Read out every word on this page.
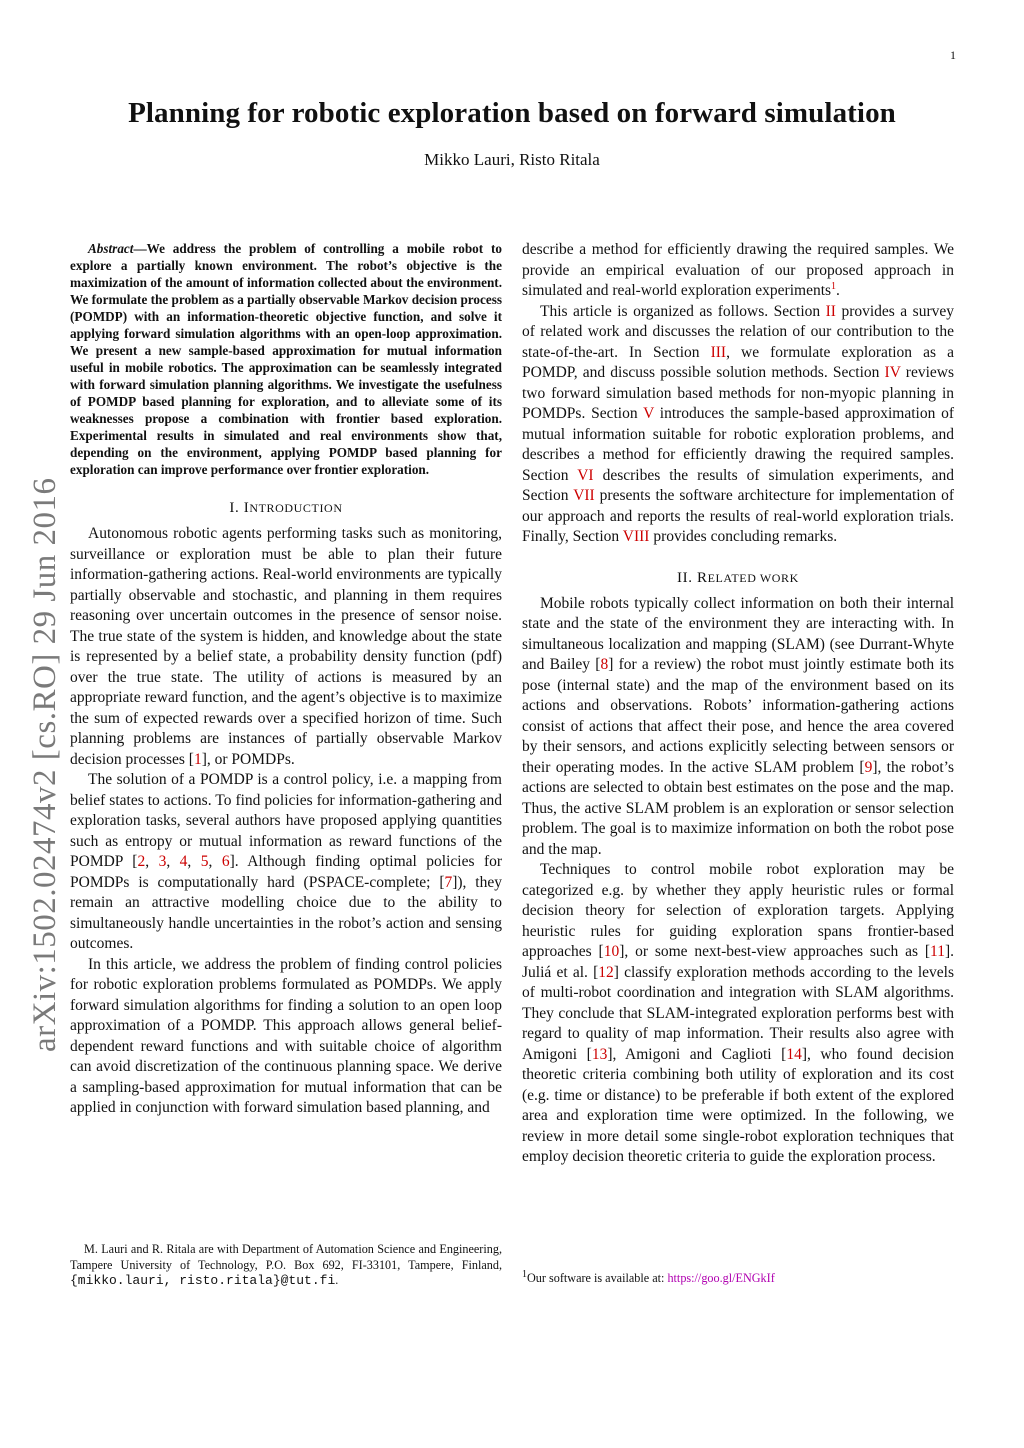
1
Planning for robotic exploration based on forward simulation
Mikko Lauri, Risto Ritala
arXiv:1502.02474v2 [cs.RO] 29 Jun 2016

Abstract—We address the problem of controlling a mobile robot to explore a partially known environment. The robot’s objective is the maximization of the amount of information collected about the environment. We formulate the problem as a partially observable Markov decision process (POMDP) with an information-theoretic objective function, and solve it applying forward simulation algorithms with an open-loop approximation. We present a new sample-based approximation for mutual information useful in mobile robotics. The approximation can be seamlessly integrated with forward simulation planning algorithms. We investigate the usefulness of POMDP based planning for exploration, and to alleviate some of its weaknesses propose a combination with frontier based exploration. Experimental results in simulated and real environments show that, depending on the environment, applying POMDP based planning for exploration can improve performance over frontier exploration.

I. INTRODUCTION

Autonomous robotic agents performing tasks such as monitoring, surveillance or exploration must be able to plan their future information-gathering actions. Real-world environments are typically partially observable and stochastic, and planning in them requires reasoning over uncertain outcomes in the presence of sensor noise. The true state of the system is hidden, and knowledge about the state is represented by a belief state, a probability density function (pdf) over the true state. The utility of actions is measured by an appropriate reward function, and the agent’s objective is to maximize the sum of expected rewards over a specified horizon of time. Such planning problems are instances of partially observable Markov decision processes [1], or POMDPs.

The solution of a POMDP is a control policy, i.e. a mapping from belief states to actions. To find policies for information-gathering and exploration tasks, several authors have proposed applying quantities such as entropy or mutual information as reward functions of the POMDP [2, 3, 4, 5, 6]. Although finding optimal policies for POMDPs is computationally hard (PSPACE-complete; [7]), they remain an attractive modelling choice due to the ability to simultaneously handle uncertainties in the robot’s action and sensing outcomes.

In this article, we address the problem of finding control policies for robotic exploration problems formulated as POMDPs. We apply forward simulation algorithms for finding a solution to an open loop approximation of a POMDP. This approach allows general belief-dependent reward functions and with suitable choice of algorithm can avoid discretization of the continuous planning space. We derive a sampling-based approximation for mutual information that can be applied in conjunction with forward simulation based planning, and

M. Lauri and R. Ritala are with Department of Automation Science and Engineering, Tampere University of Technology, P.O. Box 692, FI-33101, Tampere, Finland, {mikko.lauri, risto.ritala}@tut.fi.

describe a method for efficiently drawing the required samples. We provide an empirical evaluation of our proposed approach in simulated and real-world exploration experiments$^1$.

This article is organized as follows. Section II provides a survey of related work and discusses the relation of our contribution to the state-of-the-art. In Section III, we formulate exploration as a POMDP, and discuss possible solution methods. Section IV reviews two forward simulation based methods for non-myopic planning in POMDPs. Section V introduces the sample-based approximation of mutual information suitable for robotic exploration problems, and describes a method for efficiently drawing the required samples. Section VI describes the results of simulation experiments, and Section VII presents the software architecture for implementation of our approach and reports the results of real-world exploration trials. Finally, Section VIII provides concluding remarks.

II. RELATED WORK

Mobile robots typically collect information on both their internal state and the state of the environment they are interacting with. In simultaneous localization and mapping (SLAM) (see Durrant-Whyte and Bailey [8] for a review) the robot must jointly estimate both its pose (internal state) and the map of the environment based on its actions and observations. Robots’ information-gathering actions consist of actions that affect their pose, and hence the area covered by their sensors, and actions explicitly selecting between sensors or their operating modes. In the active SLAM problem [9], the robot’s actions are selected to obtain best estimates on the pose and the map. Thus, the active SLAM problem is an exploration or sensor selection problem. The goal is to maximize information on both the robot pose and the map.

Techniques to control mobile robot exploration may be categorized e.g. by whether they apply heuristic rules or formal decision theory for selection of exploration targets. Applying heuristic rules for guiding exploration spans frontier-based approaches [10], or some next-best-view approaches such as [11]. Juliá et al. [12] classify exploration methods according to the levels of multi-robot coordination and integration with SLAM algorithms. They conclude that SLAM-integrated exploration performs best with regard to quality of map information. Their results also agree with Amigoni [13], Amigoni and Caglioti [14], who found decision theoretic criteria combining both utility of exploration and its cost (e.g. time or distance) to be preferable if both extent of the explored area and exploration time were optimized. In the following, we review in more detail some single-robot exploration techniques that employ decision theoretic criteria to guide the exploration process.

$^1$Our software is available at: https://goo.gl/ENGkIf
